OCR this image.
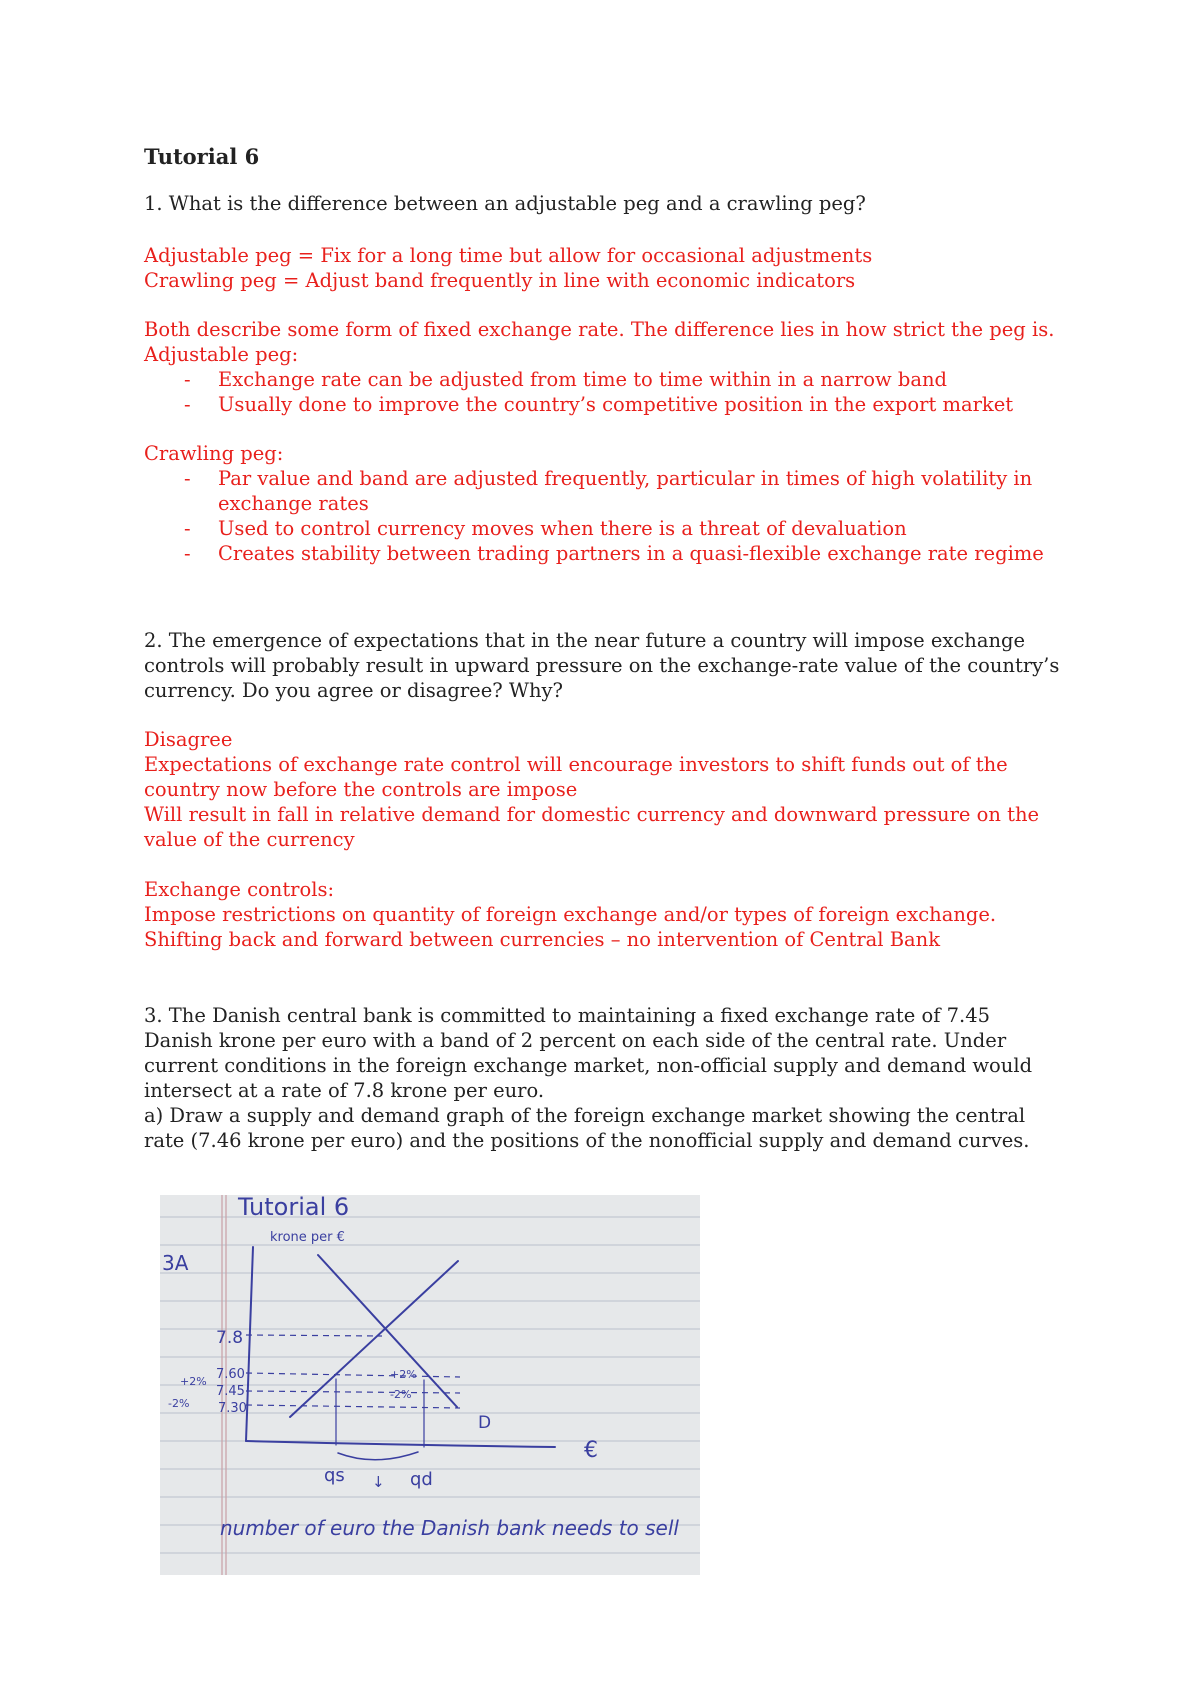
Tutorial 6

1. What is the difference between an adjustable peg and a crawling peg?

Adjustable peg = Fix for a long time but allow for occasional adjustments

Crawling peg = Adjust band frequently in line with economic indicators

Both describe some form of fixed exchange rate. The difference lies in how strict the peg is.

Adjustable peg:

- Exchange rate can be adjusted from time to time within in a narrow band
- Usually done to improve the country’s competitive position in the export market

Crawling peg:

- Par value and band are adjusted frequently, particular in times of high volatility in exchange rates
- Used to control currency moves when there is a threat of devaluation
- Creates stability between trading partners in a quasi-flexible exchange rate regime

2. The emergence of expectations that in the near future a country will impose exchange controls will probably result in upward pressure on the exchange-rate value of the country’s currency. Do you agree or disagree? Why?

Disagree

Expectations of exchange rate control will encourage investors to shift funds out of the country now before the controls are impose

Will result in fall in relative demand for domestic currency and downward pressure on the value of the currency

Exchange controls:

Impose restrictions on quantity of foreign exchange and/or types of foreign exchange.

Shifting back and forward between currencies – no intervention of Central Bank

3. The Danish central bank is committed to maintaining a fixed exchange rate of 7.45 Danish krone per euro with a band of 2 percent on each side of the central rate. Under current conditions in the foreign exchange market, non-official supply and demand would intersect at a rate of 7.8 krone per euro.

a) Draw a supply and demand graph of the foreign exchange market showing the central rate (7.46 krone per euro) and the positions of the nonofficial supply and demand curves.

Tutorial 6
krone per €
3A
7.8
7.60
7.45
7.30
+2%
-2%
+2%
-2%
D
€
qs	qd
↓
number of euro the Danish bank needs to sell
